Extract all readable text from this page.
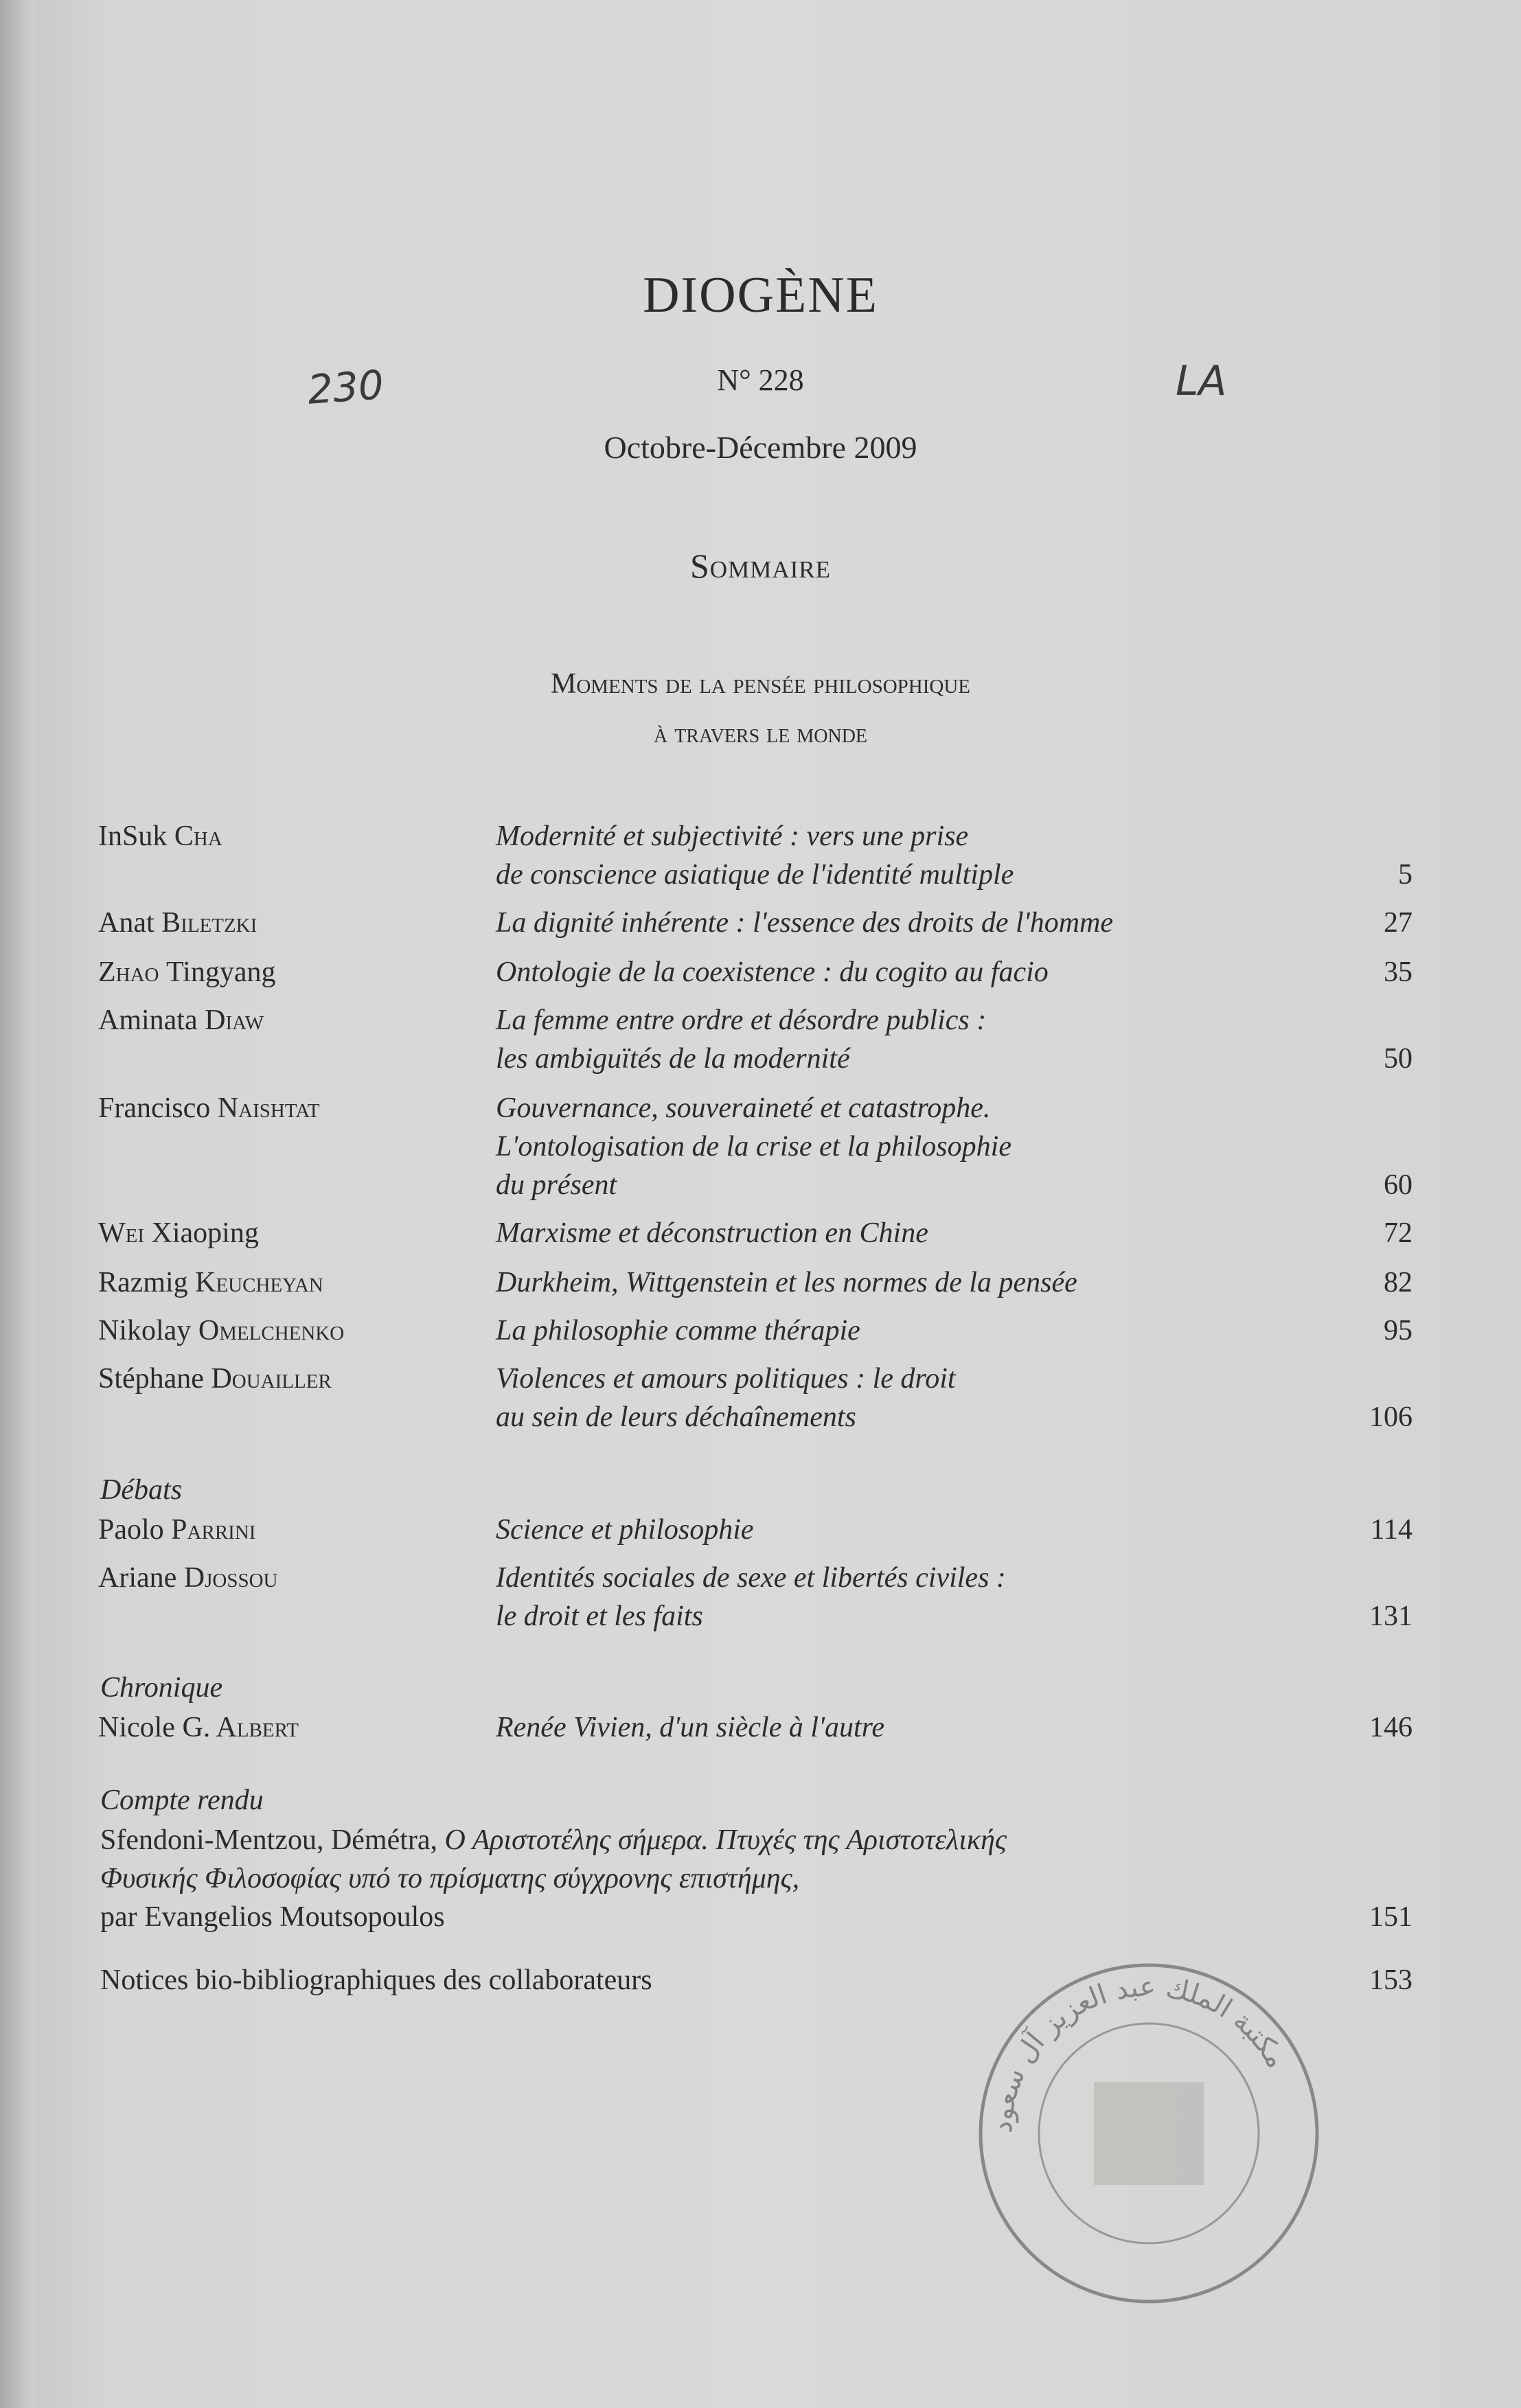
DIOGÈNE
230	N° 228	LA
Octobre-Décembre 2009
Sommaire
Moments de la pensée philosophique
à travers le monde
InSuk Cha	Modernité et subjectivité : vers une prise
de conscience asiatique de l'identité multiple	5
Anat Biletzki	La dignité inhérente : l'essence des droits de l'homme	27
Zhao Tingyang	Ontologie de la coexistence : du cogito au facio	35
Aminata Diaw	La femme entre ordre et désordre publics :
les ambiguïtés de la modernité	50
Francisco Naishtat	Gouvernance, souveraineté et catastrophe.
L'ontologisation de la crise et la philosophie
du présent	60
Wei Xiaoping	Marxisme et déconstruction en Chine	72
Razmig Keucheyan	Durkheim, Wittgenstein et les normes de la pensée	82
Nikolay Omelchenko	La philosophie comme thérapie	95
Stéphane Douailler	Violences et amours politiques : le droit
au sein de leurs déchaînements	106
Débats
Paolo Parrini	Science et philosophie	114
Ariane Djossou	Identités sociales de sexe et libertés civiles :
le droit et les faits	131
Chronique
Nicole G. Albert	Renée Vivien, d'un siècle à l'autre	146
Compte rendu
Sfendoni-Mentzou, Démétra, Ο Αριστοτέλης σήμερα. Πτυχές της Αριστοτελικής
Φυσικής Φιλοσοφίας υπό το πρίσματης σύγχρονης επιστήμης,
par Evangelios Moutsopoulos	151
Notices bio-bibliographiques des collaborateurs	153
مكتبة الملك عبد العزيز آل سعود
